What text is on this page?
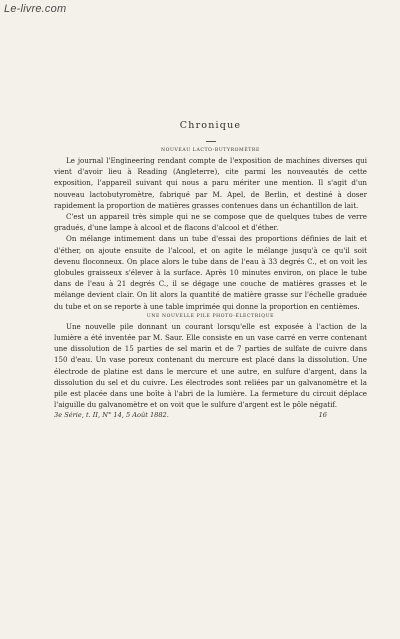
Le-livre.com
Chronique
NOUVEAU LACTO-BUTYROMÈTRE

Le journal l'Engineering rendant compte de l'exposition de machines diverses qui vient d'avoir lieu à Reading (Angleterre), cite parmi les nouveautés de cette exposition, l'appareil suivant qui nous a paru mériter une mention. Il s'agit d'un nouveau lactobutyromètre, fabriqué par M. Apel, de Berlin, et destiné à doser rapidement la proportion de matières grasses contenues dans un échantillon de lait.

C'est un appareil très simple qui ne se compose que de quelques tubes de verre gradués, d'une lampe à alcool et de flacons d'alcool et d'éther.

On mélange intimement dans un tube d'essai des proportions définies de lait et d'éther, on ajoute ensuite de l'alcool, et on agite le mélange jusqu'à ce qu'il soit devenu floconneux. On place alors le tube dans de l'eau à 33 degrés C., et on voit les globules graisseux s'élever à la surface. Après 10 minutes environ, on place le tube dans de l'eau à 21 degrés C., il se dégage une couche de matières grasses et le mélange devient clair. On lit alors la quantité de matière grasse sur l'échelle graduée du tube et on se reporte à une table imprimée qui donne la proportion en centièmes.

UNE NOUVELLE PILE PHOTO-ÉLECTRIQUE

Une nouvelle pile donnant un courant lorsqu'elle est exposée à l'action de la lumière a été inventée par M. Saur. Elle consiste en un vase carré en verre contenant une dissolution de 15 parties de sel marin et de 7 parties de sulfate de cuivre dans 150 d'eau. Un vase poreux contenant du mercure est placé dans la dissolution. Une électrode de platine est dans le mercure et une autre, en sulfure d'argent, dans la dissolution du sel et du cuivre. Les électrodes sont reliées par un galvanomètre et la pile est placée dans une boîte à l'abri de la lumière. La fermeture du circuit déplace l'aiguille du galvanomètre et on voit que le sulfure d'argent est le pôle négatif.

3e Série, t. II, N° 14, 5 Août 1882.	16
